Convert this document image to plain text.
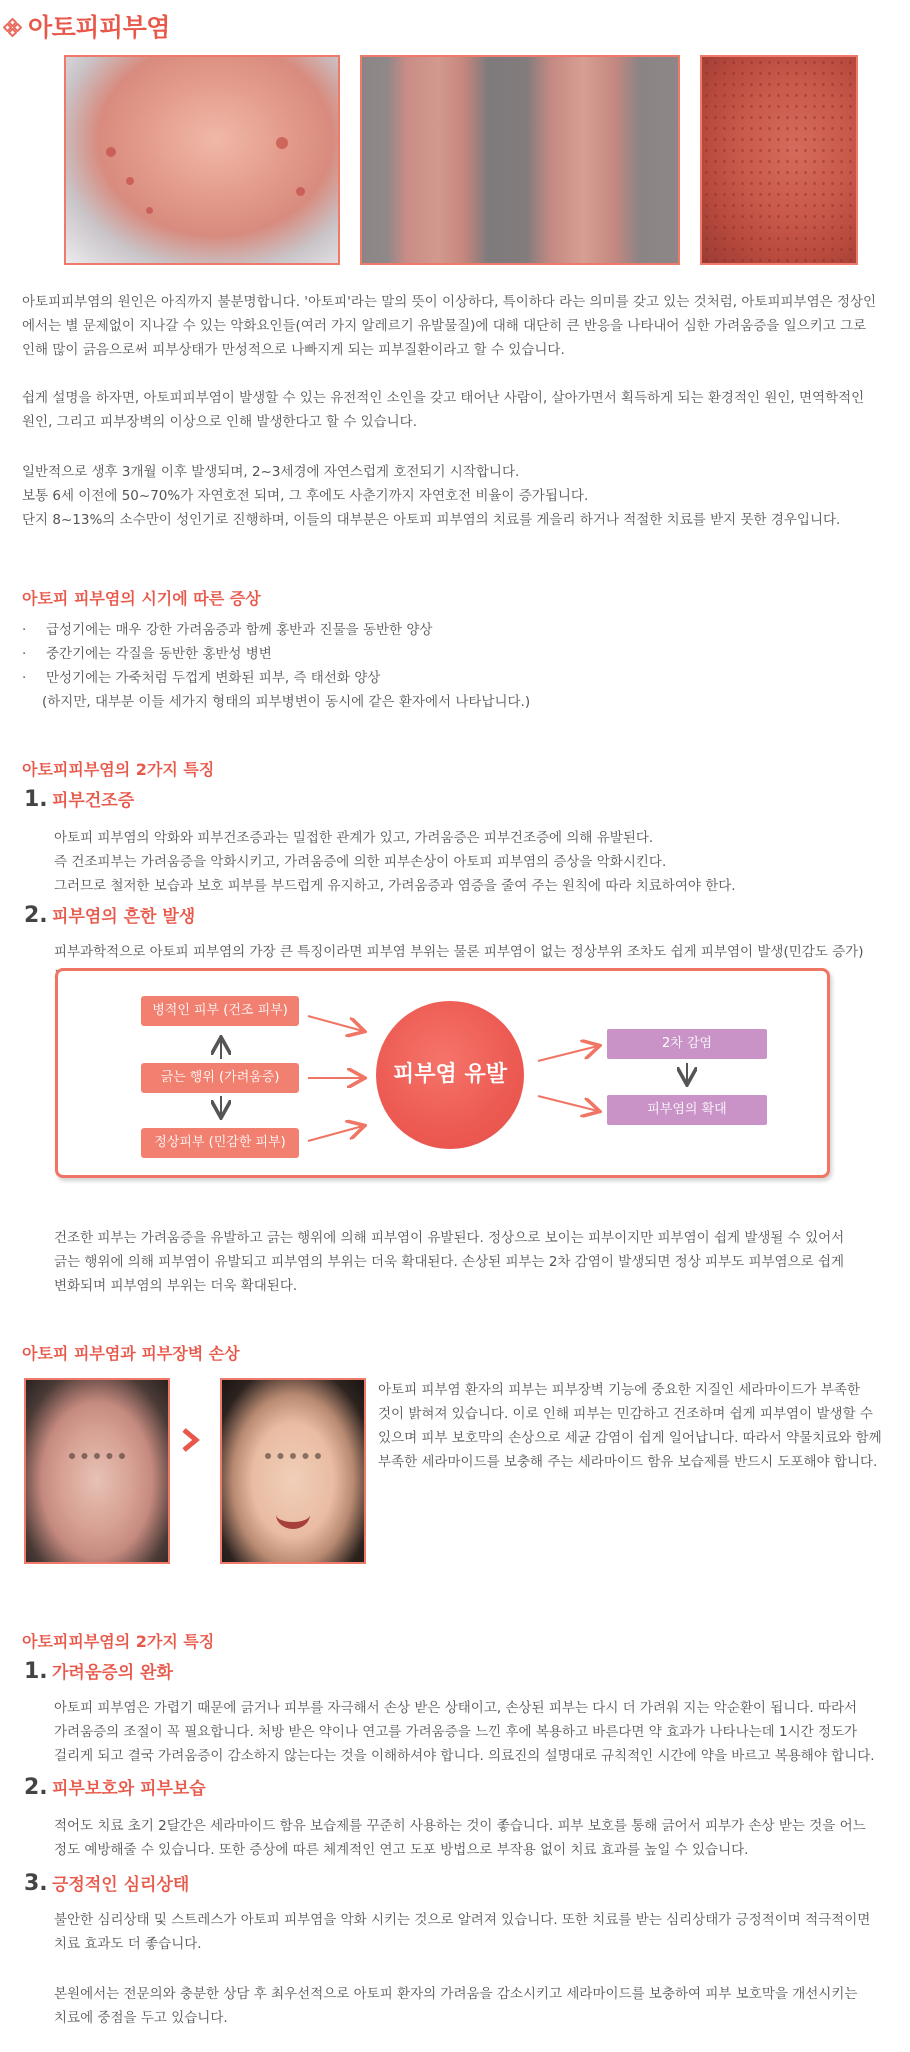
아토피피부염
아토피피부염의 원인은 아직까지 불분명합니다. '아토피'라는 말의 뜻이 이상하다, 특이하다 라는 의미를 갖고 있는 것처럼, 아토피피부염은 정상인
에서는 별 문제없이 지나갈 수 있는 악화요인들(여러 가지 알레르기 유발물질)에 대해 대단히 큰 반응을 나타내어 심한 가려움증을 일으키고 그로
인해 많이 긁음으로써 피부상태가 만성적으로 나빠지게 되는 피부질환이라고 할 수 있습니다.
쉽게 설명을 하자면, 아토피피부염이 발생할 수 있는 유전적인 소인을 갖고 태어난 사람이, 살아가면서 획득하게 되는 환경적인 원인, 면역학적인
원인, 그리고 피부장벽의 이상으로 인해 발생한다고 할 수 있습니다.
일반적으로 생후 3개월 이후 발생되며, 2~3세경에 자연스럽게 호전되기 시작합니다.
보통 6세 이전에 50~70%가 자연호전 되며, 그 후에도 사춘기까지 자연호전 비율이 증가됩니다.
단지 8~13%의 소수만이 성인기로 진행하며, 이들의 대부분은 아토피 피부염의 치료를 게을리 하거나 적절한 치료를 받지 못한 경우입니다.
아토피 피부염의 시기에 따른 증상
·	급성기에는 매우 강한 가려움증과 함께 홍반과 진물을 동반한 양상
·	중간기에는 각질을 동반한 홍반성 병변
·	만성기에는 가죽처럼 두껍게 변화된 피부, 즉 태선화 양상
(하지만, 대부분 이들 세가지 형태의 피부병변이 동시에 같은 환자에서 나타납니다.)
아토피피부염의 2가지 특징
1. 피부건조증
아토피 피부염의 악화와 피부건조증과는 밀접한 관계가 있고, 가려움증은 피부건조증에 의해 유발된다.
즉 건조피부는 가려움증을 악화시키고, 가려움증에 의한 피부손상이 아토피 피부염의 증상을 악화시킨다.
그러므로 철저한 보습과 보호 피부를 부드럽게 유지하고, 가려움증과 염증을 줄여 주는 원칙에 따라 치료하여야 한다.
2. 피부염의 흔한 발생
피부과학적으로 아토피 피부염의 가장 큰 특징이라면 피부염 부위는 물론 피부염이 없는 정상부위 조차도 쉽게 피부염이 발생(민감도 증가)
병적인 피부 (건조 피부)
긁는 행위 (가려움증)
정상피부 (민감한 피부)
피부염 유발
2차 감염
피부염의 확대
건조한 피부는 가려움증을 유발하고 긁는 행위에 의해 피부염이 유발된다. 정상으로 보이는 피부이지만 피부염이 쉽게 발생될 수 있어서
긁는 행위에 의해 피부염이 유발되고 피부염의 부위는 더욱 확대된다. 손상된 피부는 2차 감염이 발생되면 정상 피부도 피부염으로 쉽게
변화되며 피부염의 부위는 더욱 확대된다.
아토피 피부염과 피부장벽 손상
아토피 피부염 환자의 피부는 피부장벽 기능에 중요한 지질인 세라마이드가 부족한
것이 밝혀져 있습니다. 이로 인해 피부는 민감하고 건조하며 쉽게 피부염이 발생할 수
있으며 피부 보호막의 손상으로 세균 감염이 쉽게 일어납니다. 따라서 약물치료와 함께
부족한 세라마이드를 보충해 주는 세라마이드 함유 보습제를 반드시 도포해야 합니다.
아토피피부염의 2가지 특징
1. 가려움증의 완화
아토피 피부염은 가렵기 때문에 긁거나 피부를 자극해서 손상 받은 상태이고, 손상된 피부는 다시 더 가려워 지는 악순환이 됩니다. 따라서
가려움증의 조절이 꼭 필요합니다. 처방 받은 약이나 연고를 가려움증을 느낀 후에 복용하고 바른다면 약 효과가 나타나는데 1시간 정도가
걸리게 되고 결국 가려움증이 감소하지 않는다는 것을 이해하셔야 합니다. 의료진의 설명대로 규칙적인 시간에 약을 바르고 복용해야 합니다.
2. 피부보호와 피부보습
적어도 치료 초기 2달간은 세라마이드 함유 보습제를 꾸준히 사용하는 것이 좋습니다. 피부 보호를 통해 긁어서 피부가 손상 받는 것을 어느
정도 예방해줄 수 있습니다. 또한 증상에 따른 체계적인 연고 도포 방법으로 부작용 없이 치료 효과를 높일 수 있습니다.
3. 긍정적인 심리상태
불안한 심리상태 및 스트레스가 아토피 피부염을 악화 시키는 것으로 알려져 있습니다. 또한 치료를 받는 심리상태가 긍정적이며 적극적이면
치료 효과도 더 좋습니다.
본원에서는 전문의와 충분한 상담 후 최우선적으로 아토피 환자의 가려움을 감소시키고 세라마이드를 보충하여 피부 보호막을 개선시키는
치료에 중점을 두고 있습니다.
